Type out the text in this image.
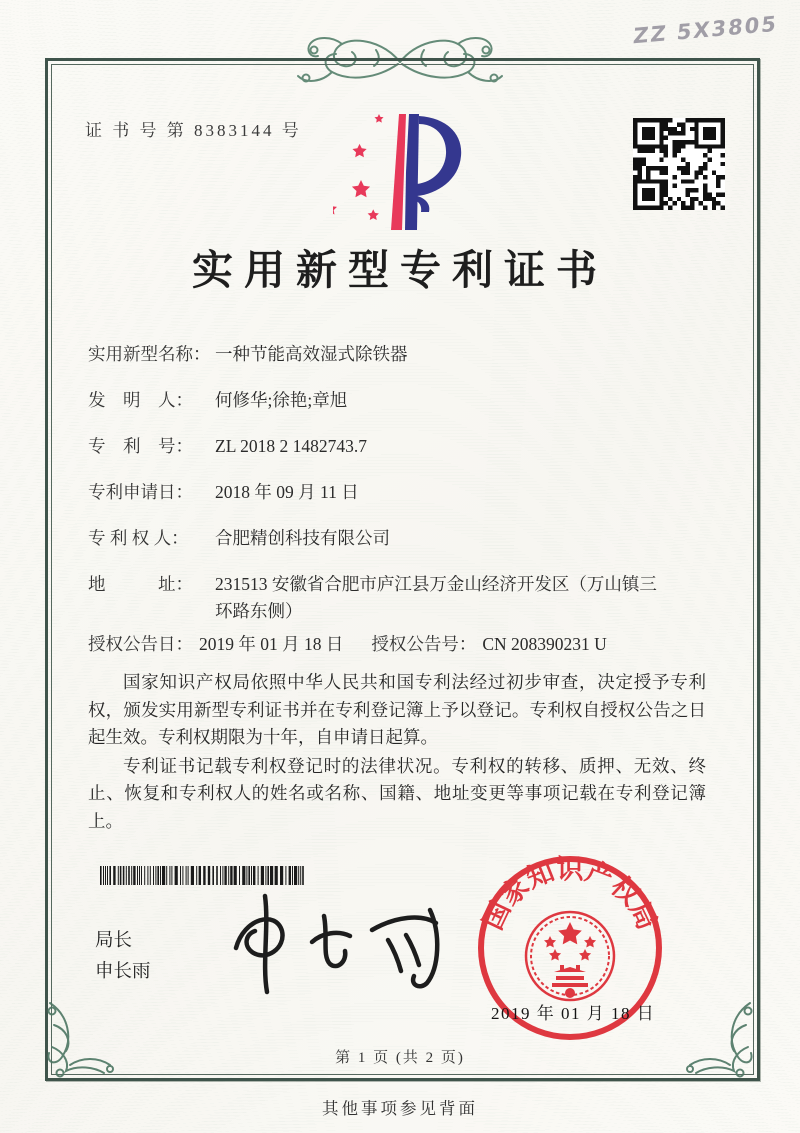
ZZ 5X3805
证 书 号 第 8383144 号
实用新型专利证书
实用新型名称： 一种节能高效湿式除铁器
发　明　人：	何修华;徐艳;章旭
专　利　号：	ZL 2018 2 1482743.7
专利申请日：	2018 年 09 月 11 日
专 利 权 人：	合肥精创科技有限公司
地　　　址：	231513 安徽省合肥市庐江县万金山经济开发区（万山镇三环路东侧）
授权公告日： 2019 年 01 月 18 日 授权公告号： CN 208390231 U

国家知识产权局依照中华人民共和国专利法经过初步审查，决定授予专利权，颁发实用新型专利证书并在专利登记簿上予以登记。专利权自授权公告之日起生效。专利权期限为十年，自申请日起算。

专利证书记载专利权登记时的法律状况。专利权的转移、质押、无效、终止、恢复和专利权人的姓名或名称、国籍、地址变更等事项记载在专利登记簿上。

局长
申长雨
国家知识产权局
2019 年 01 月 18 日
第 1 页 (共 2 页)
其他事项参见背面
